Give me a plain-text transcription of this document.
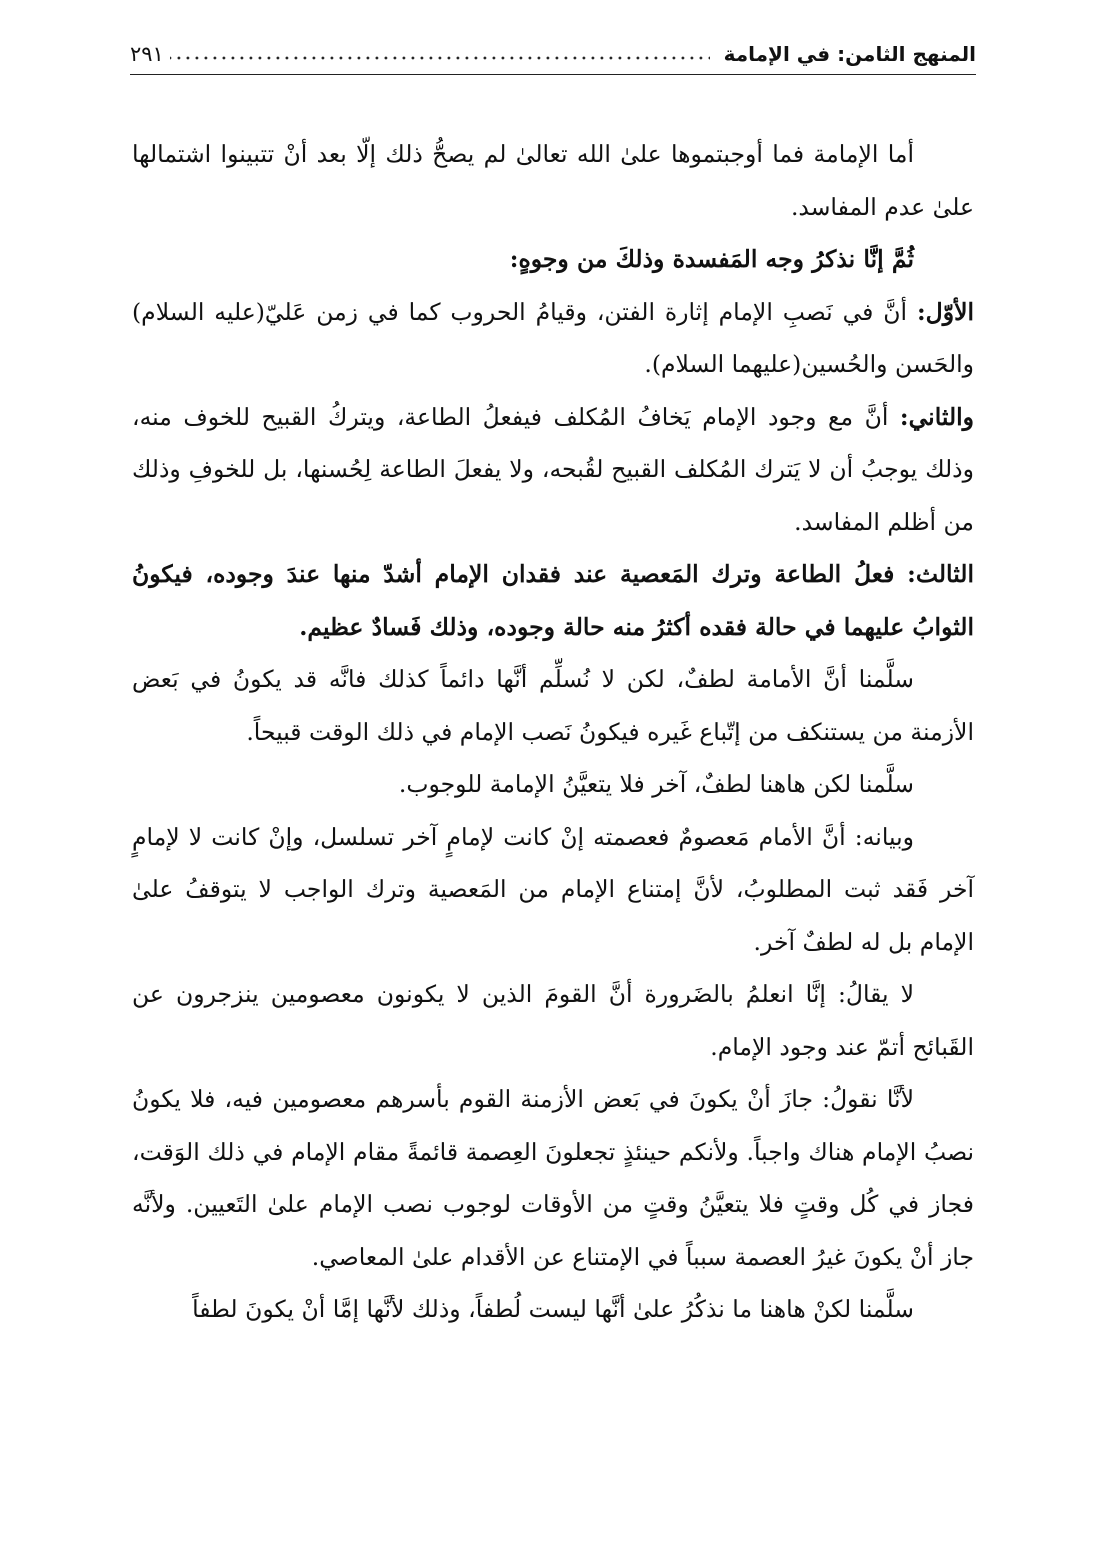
المنهج الثامن: في الإمامة
٢٩١

أما الإمامة فما أوجبتموها علىٰ الله تعالىٰ لم يصحُّ ذلك إلّا بعد أنْ تتبينوا اشتمالها علىٰ عدم المفاسد.

ثُمَّ إنَّا نذكرُ وجه المَفسدة وذلكَ من وجوهٍ:

الأوّل: أنَّ في نَصبِ الإمام إثارة الفتن، وقيامُ الحروب كما في زمن عَليّ(عليه السلام) والحَسن والحُسين(عليهما السلام).

والثاني: أنَّ مع وجود الإمام يَخافُ المُكلف فيفعلُ الطاعة، ويتركُ القبيح للخوف منه، وذلك يوجبُ أن لا يَترك المُكلف القبيح لقُبحه، ولا يفعلَ الطاعة لِحُسنها، بل للخوفِ وذلك من أظلم المفاسد.

الثالث: فعلُ الطاعة وترك المَعصية عند فقدان الإمام أشدّ منها عندَ وجوده، فيكونُ الثوابُ عليهما في حالة فقده أكثرُ منه حالة وجوده، وذلك فَسادٌ عظيم.

سلَّمنا أنَّ الأمامة لطفٌ، لكن لا نُسلِّم أنَّها دائماً كذلك فانَّه قد يكونُ في بَعض الأزمنة من يستنكف من إتّباع غَيره فيكونُ نَصب الإمام في ذلك الوقت قبيحاً.

سلَّمنا لكن هاهنا لطفٌ، آخر فلا يتعيَّنُ الإمامة للوجوب.

وبيانه: أنَّ الأمام مَعصومٌ فعصمته إنْ كانت لإمامٍ آخر تسلسل، وإنْ كانت لا لإمامٍ آخر فَقد ثبت المطلوبُ، لأنَّ إمتناع الإمام من المَعصية وترك الواجب لا يتوقفُ علىٰ الإمام بل له لطفٌ آخر.

لا يقالُ: إنَّا انعلمُ بالضَرورة أنَّ القومَ الذين لا يكونون معصومين ينزجرون عن القَبائح أتمّ عند وجود الإمام.

لأنَّا نقولُ: جازَ أنْ يكونَ في بَعض الأزمنة القوم بأسرهم معصومين فيه، فلا يكونُ نصبُ الإمام هناك واجباً. ولأنكم حينئذٍ تجعلونَ العِصمة قائمةً مقام الإمام في ذلك الوَقت، فجاز في كُل وقتٍ فلا يتعيَّنُ وقتٍ من الأوقات لوجوب نصب الإمام علىٰ التَعيين. ولأنَّه جاز أنْ يكونَ غيرُ العصمة سبباً في الإمتناع عن الأقدام علىٰ المعاصي.

سلَّمنا لكنْ هاهنا ما نذكُرُ علىٰ أنَّها ليست لُطفاً، وذلك لأنَّها إمَّا أنْ يكونَ لطفاً
